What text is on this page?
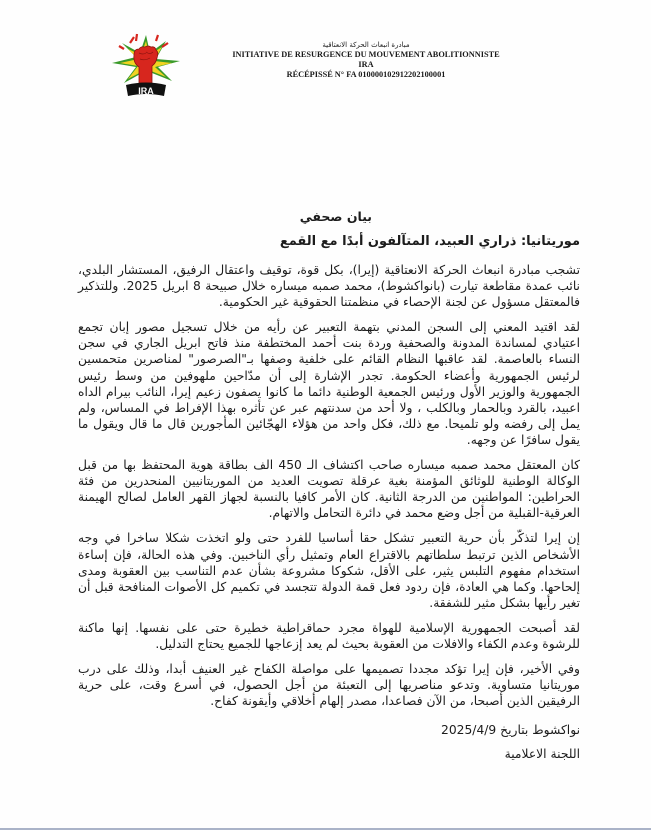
IRA
مبادرة انبعاث الحركة الانعتاقية
INITIATIVE DE RESURGENCE DU MOUVEMENT ABOLITIONNISTE
IRA
RÉCÉPISSÉ N° FA 010000102912202100001
بيان صحفي
موريتانيا: ذراري العبيد، المتآلفون أبدًا مع القمع

تشجب مبادرة انبعاث الحركة الانعتاقية (إيرا)، بكل قوة، توقيف واعتقال الرفيق، المستشار البلدي، نائب عمدة مقاطعة تيارت (بانواكشوط)، محمد صمبه ميساره خلال صبيحة 8 ابريل 2025. وللتذكير فالمعتقل مسؤول عن لجنة الإحصاء في منظمتنا الحقوقية غير الحكومية.

لقد اقتيد المعني إلى السجن المدني بتهمة التعبير عن رأيه من خلال تسجيل مصور إبان تجمع اعتيادي لمساندة المدونة والصحفية وردة بنت أحمد المختطفة منذ فاتح ابريل الجاري في سجن النساء بالعاصمة. لقد عاقبها النظام القائم على خلفية وصفها بـ"الصرصور" لمناصرين متحمسين لرئيس الجمهورية وأعضاء الحكومة. تجدر الإشارة إلى أن مدّاحين ملهوفين من وسط رئيس الجمهورية والوزير الأول ورئيس الجمعية الوطنية دائما ما كانوا يصفون زعيم إيرا، النائب بيرام الداه اعبيد، بالقرد وبالحمار وبالكلب ، ولا أحد من سدنتهم عبر عن تأثره بهذا الإفراط في المساس، ولم يمل إلى رفضه ولو تلميحا. مع ذلك، فكل واحد من هؤلاء الهجّائين المأجورين قال ما قال ويقول ما يقول سافرًا عن وجهه.

كان المعتقل محمد صمبه ميساره صاحب اكتشاف الـ 450 الف بطاقة هوية المحتفظ بها من قبل الوكالة الوطنية للوثائق المؤمنة بغية عرقلة تصويت العديد من الموريتانيين المنحدرين من فئة الحراطين: المواطنين من الدرجة الثانية. كان الأمر كافيا بالنسبة لجهاز القهر العامل لصالح الهيمنة العرقية-القبلية من أجل وضع محمد في دائرة التحامل والاتهام.

إن إيرا لتذكّر بأن حرية التعبير تشكل حقا أساسيا للفرد حتى ولو اتخذت شكلا ساخرا في وجه الأشخاص الذين ترتبط سلطاتهم بالاقتراع العام وتمثيل رأي الناخبين. وفي هذه الحالة، فإن إساءة استخدام مفهوم التلبس يثير، على الأقل، شكوكا مشروعة بشأن عدم التناسب بين العقوبة ومدى إلحاحها. وكما هي العادة، فإن ردود فعل قمة الدولة تتجسد في تكميم كل الأصوات المنافحة قبل أن تغير رأيها بشكل مثير للشفقة.

لقد أصبحت الجمهورية الإسلامية للهواة مجرد حماقراطية خطيرة حتى على نفسها. إنها ماكنة للرشوة وعدم الكفاء والافلات من العقوبة بحيث لم يعد إزعاجها للجميع يحتاج التدليل.

وفي الأخير، فإن إيرا تؤكد مجددا تصميمها على مواصلة الكفاح غير العنيف أبدا، وذلك على درب موريتانيا متساوية. وتدعو مناصريها إلى التعبئة من أجل الحصول، في أسرع وقت، على حرية الرفيقين الذين أصبحا، من الآن فصاعدا، مصدر إلهام أخلاقي وأيقونة كفاح.

نواكشوط بتاريخ 2025/4/9
اللجنة الاعلامية
